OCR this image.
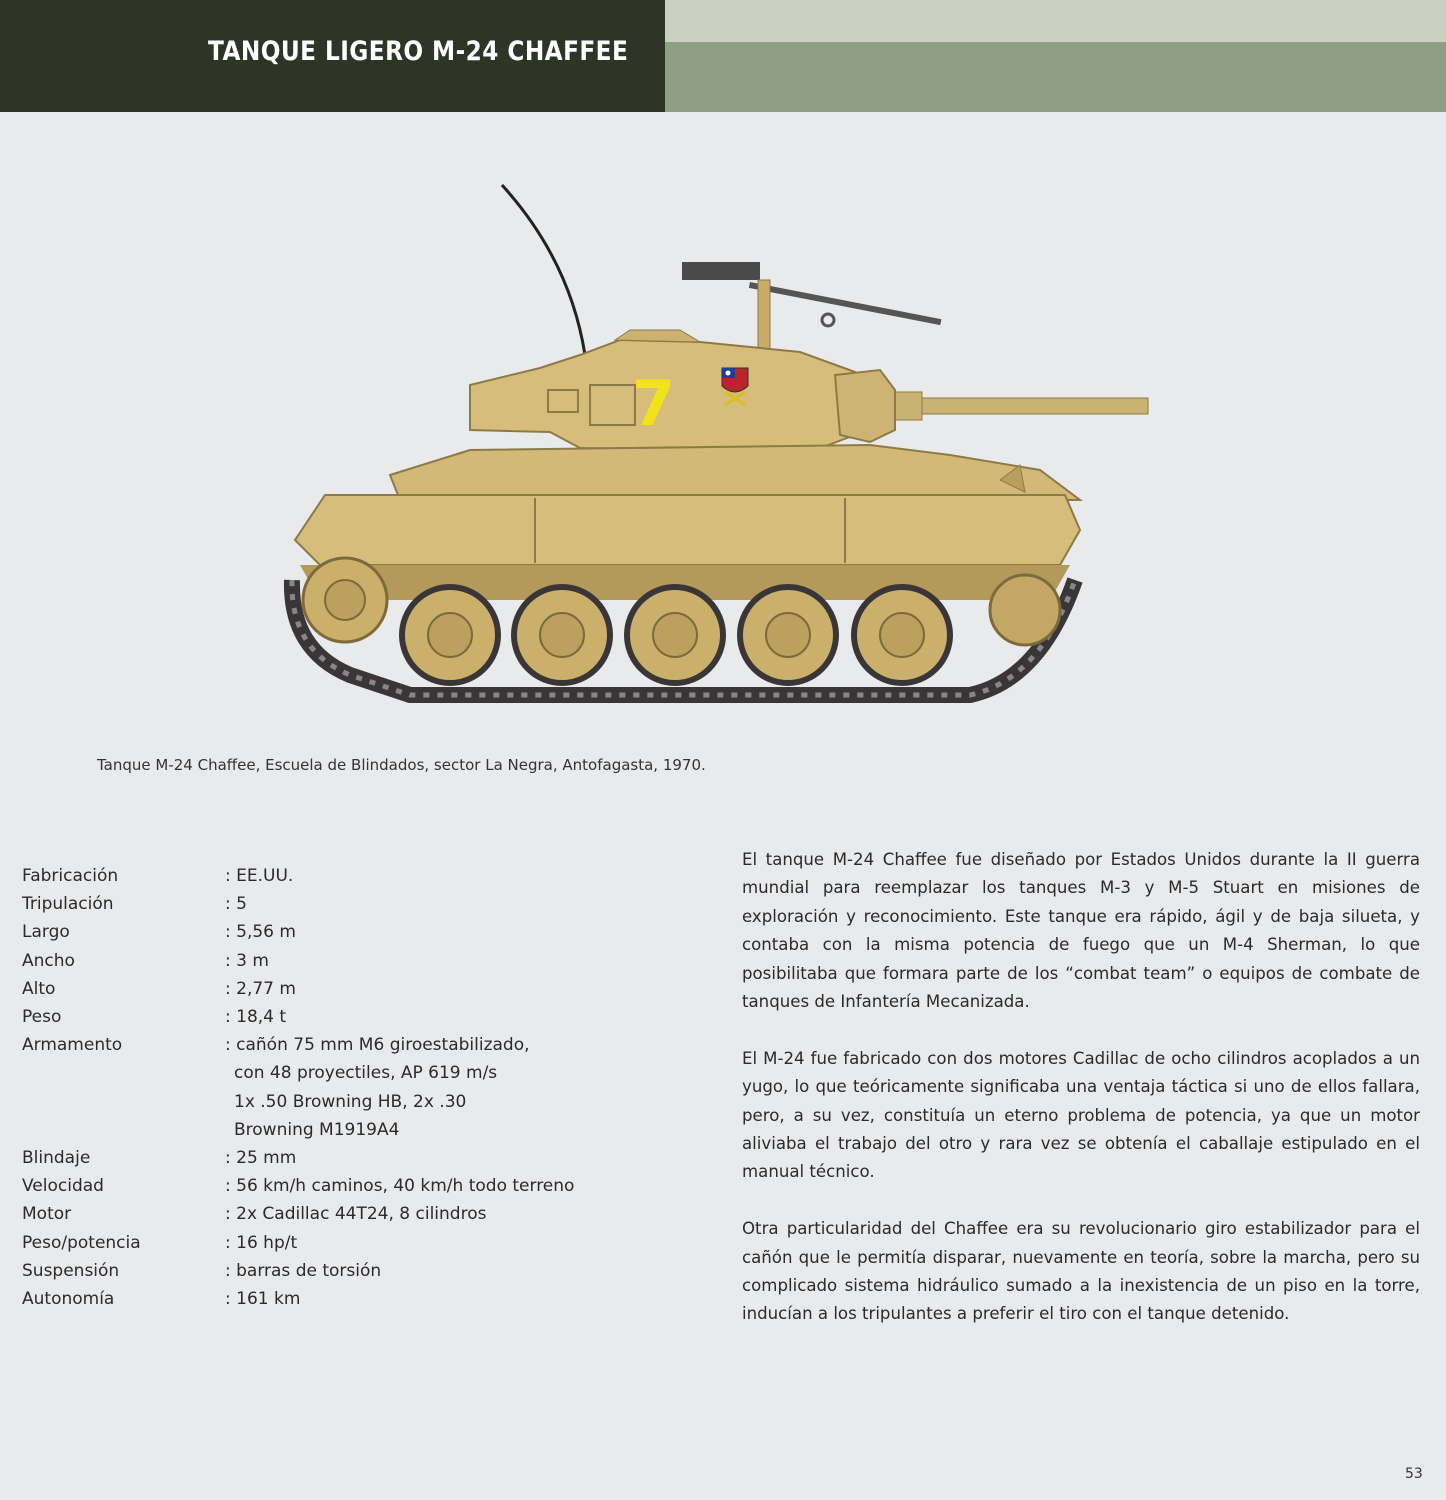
TANQUE LIGERO M-24 CHAFFEE
7
Tanque M-24 Chaffee, Escuela de Blindados, sector La Negra, Antofagasta, 1970.
Fabricación	: EE.UU.
Tripulación	: 5
Largo	: 5,56 m
Ancho	: 3 m
Alto	: 2,77 m
Peso	: 18,4 t
Armamento	: cañón 75 mm M6 giroestabilizado,
con 48 proyectiles, AP 619 m/s
1x .50 Browning HB, 2x .30
Browning M1919A4
Blindaje	: 25 mm
Velocidad	: 56 km/h caminos, 40 km/h todo terreno
Motor	: 2x Cadillac 44T24, 8 cilindros
Peso/potencia	: 16 hp/t
Suspensión	: barras de torsión
Autonomía	: 161 km

El tanque M-24 Chaffee fue diseñado por Estados Unidos durante la II guerra mundial para reemplazar los tanques M-3 y M-5 Stuart en misiones de exploración y reconocimiento. Este tanque era rápido, ágil y de baja silueta, y contaba con la misma potencia de fuego que un M-4 Sherman, lo que posibilitaba que formara parte de los “combat team” o equipos de combate de tanques de Infantería Mecanizada.

El M-24 fue fabricado con dos motores Cadillac de ocho cilindros acoplados a un yugo, lo que teóricamente significaba una ventaja táctica si uno de ellos fallara, pero, a su vez, constituía un eterno problema de potencia, ya que un motor aliviaba el trabajo del otro y rara vez se obtenía el caballaje estipulado en el manual técnico.

Otra particularidad del Chaffee era su revolucionario giro estabilizador para el cañón que le permitía disparar, nuevamente en teoría, sobre la marcha, pero su complicado sistema hidráulico sumado a la inexistencia de un piso en la torre, inducían a los tripulantes a preferir el tiro con el tanque detenido.

53
